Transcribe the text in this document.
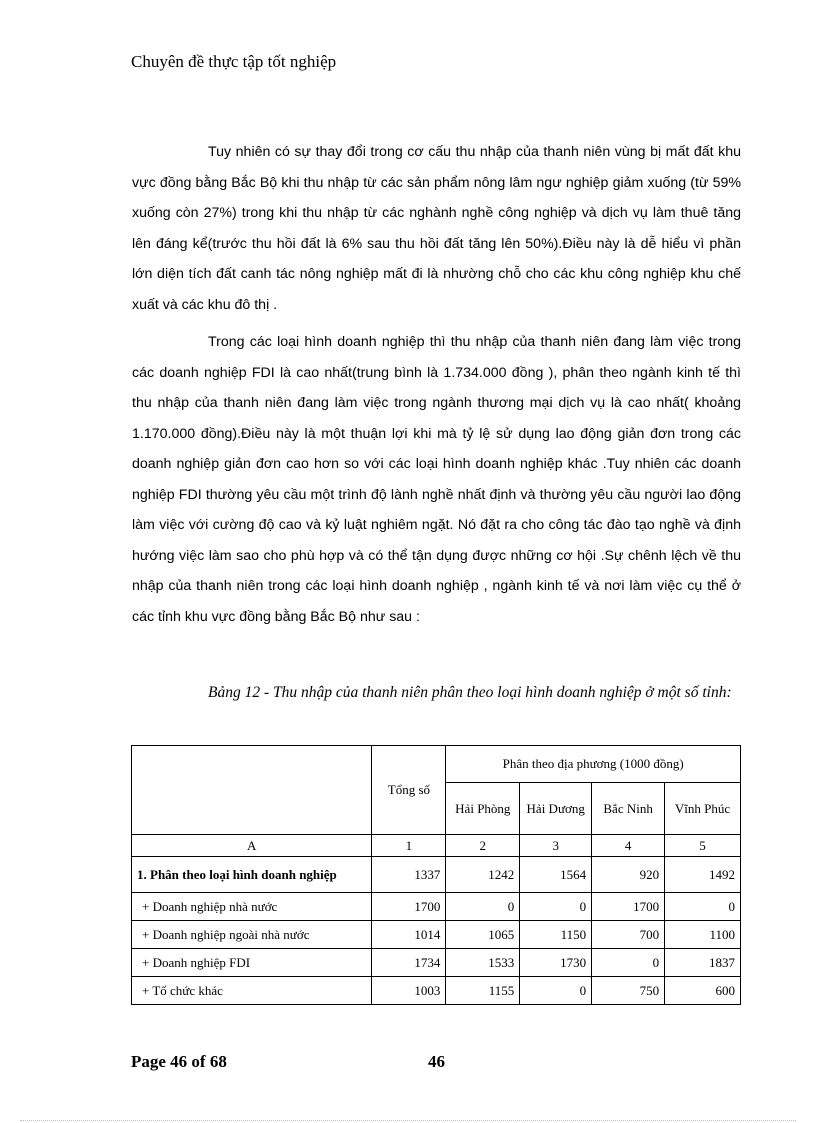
Chuyên đề thực tập tốt nghiệp

Tuy nhiên có sự thay đổi trong cơ cấu thu nhập của thanh niên vùng bị mất đất khu vực đồng bằng Bắc Bộ khi thu nhập từ các sản phẩm nông lâm ngư nghiệp giảm xuống (từ 59% xuống còn 27%) trong khi thu nhập từ các nghành nghề công nghiệp và dịch vụ làm thuê tăng lên đáng kể(trước thu hồi đất là 6% sau thu hồi đất tăng lên 50%).Điều này là dễ hiểu vì phần lớn diện tích đất canh tác nông nghiệp mất đi là nhường chỗ cho các khu công nghiệp khu chế xuất và các khu đô thị .

Trong các loại hình doanh nghiệp thì thu nhập của thanh niên đang làm việc trong các doanh nghiệp FDI là cao nhất(trung bình là 1.734.000 đồng ), phân theo ngành kinh tế thì thu nhập của thanh niên đang làm việc trong ngành thương mại dịch vụ là cao nhất( khoảng 1.170.000 đồng).Điều này là một thuận lợi khi mà tỷ lệ sử dụng lao động giản đơn trong các doanh nghiệp giản đơn cao hơn so với các loại hình doanh nghiệp khác .Tuy nhiên các doanh nghiệp FDI thường yêu cầu một trình độ lành nghề nhất định và thường yêu cầu người lao động làm việc với cường độ cao và kỷ luật nghiêm ngặt. Nó đặt ra cho công tác đào tạo nghề và định hướng việc làm sao cho phù hợp và có thể tận dụng được những cơ hội .Sự chênh lệch về thu nhập của thanh niên trong các loại hình doanh nghiệp , ngành kinh tế và nơi làm việc cụ thể ở các tỉnh khu vực đồng bằng Bắc Bộ như sau :

Bảng 12 - Thu nhập của thanh niên phân theo loại hình doanh nghiệp ở một số tỉnh:

	Tổng số	Phân theo địa phương (1000 đồng)			
		Hải Phòng	Hải Dương	Bắc Ninh	Vĩnh Phúc
A	1	2	3	4	5
1. Phân theo loại hình doanh nghiệp	1337	1242	1564	920	1492
+ Doanh nghiệp nhà nước	1700	0	0	1700	0
+ Doanh nghiệp ngoài nhà nước	1014	1065	1150	700	1100
+ Doanh nghiệp FDI	1734	1533	1730	0	1837
+ Tổ chức khác	1003	1155	0	750	600
Page 46 of 68	46
